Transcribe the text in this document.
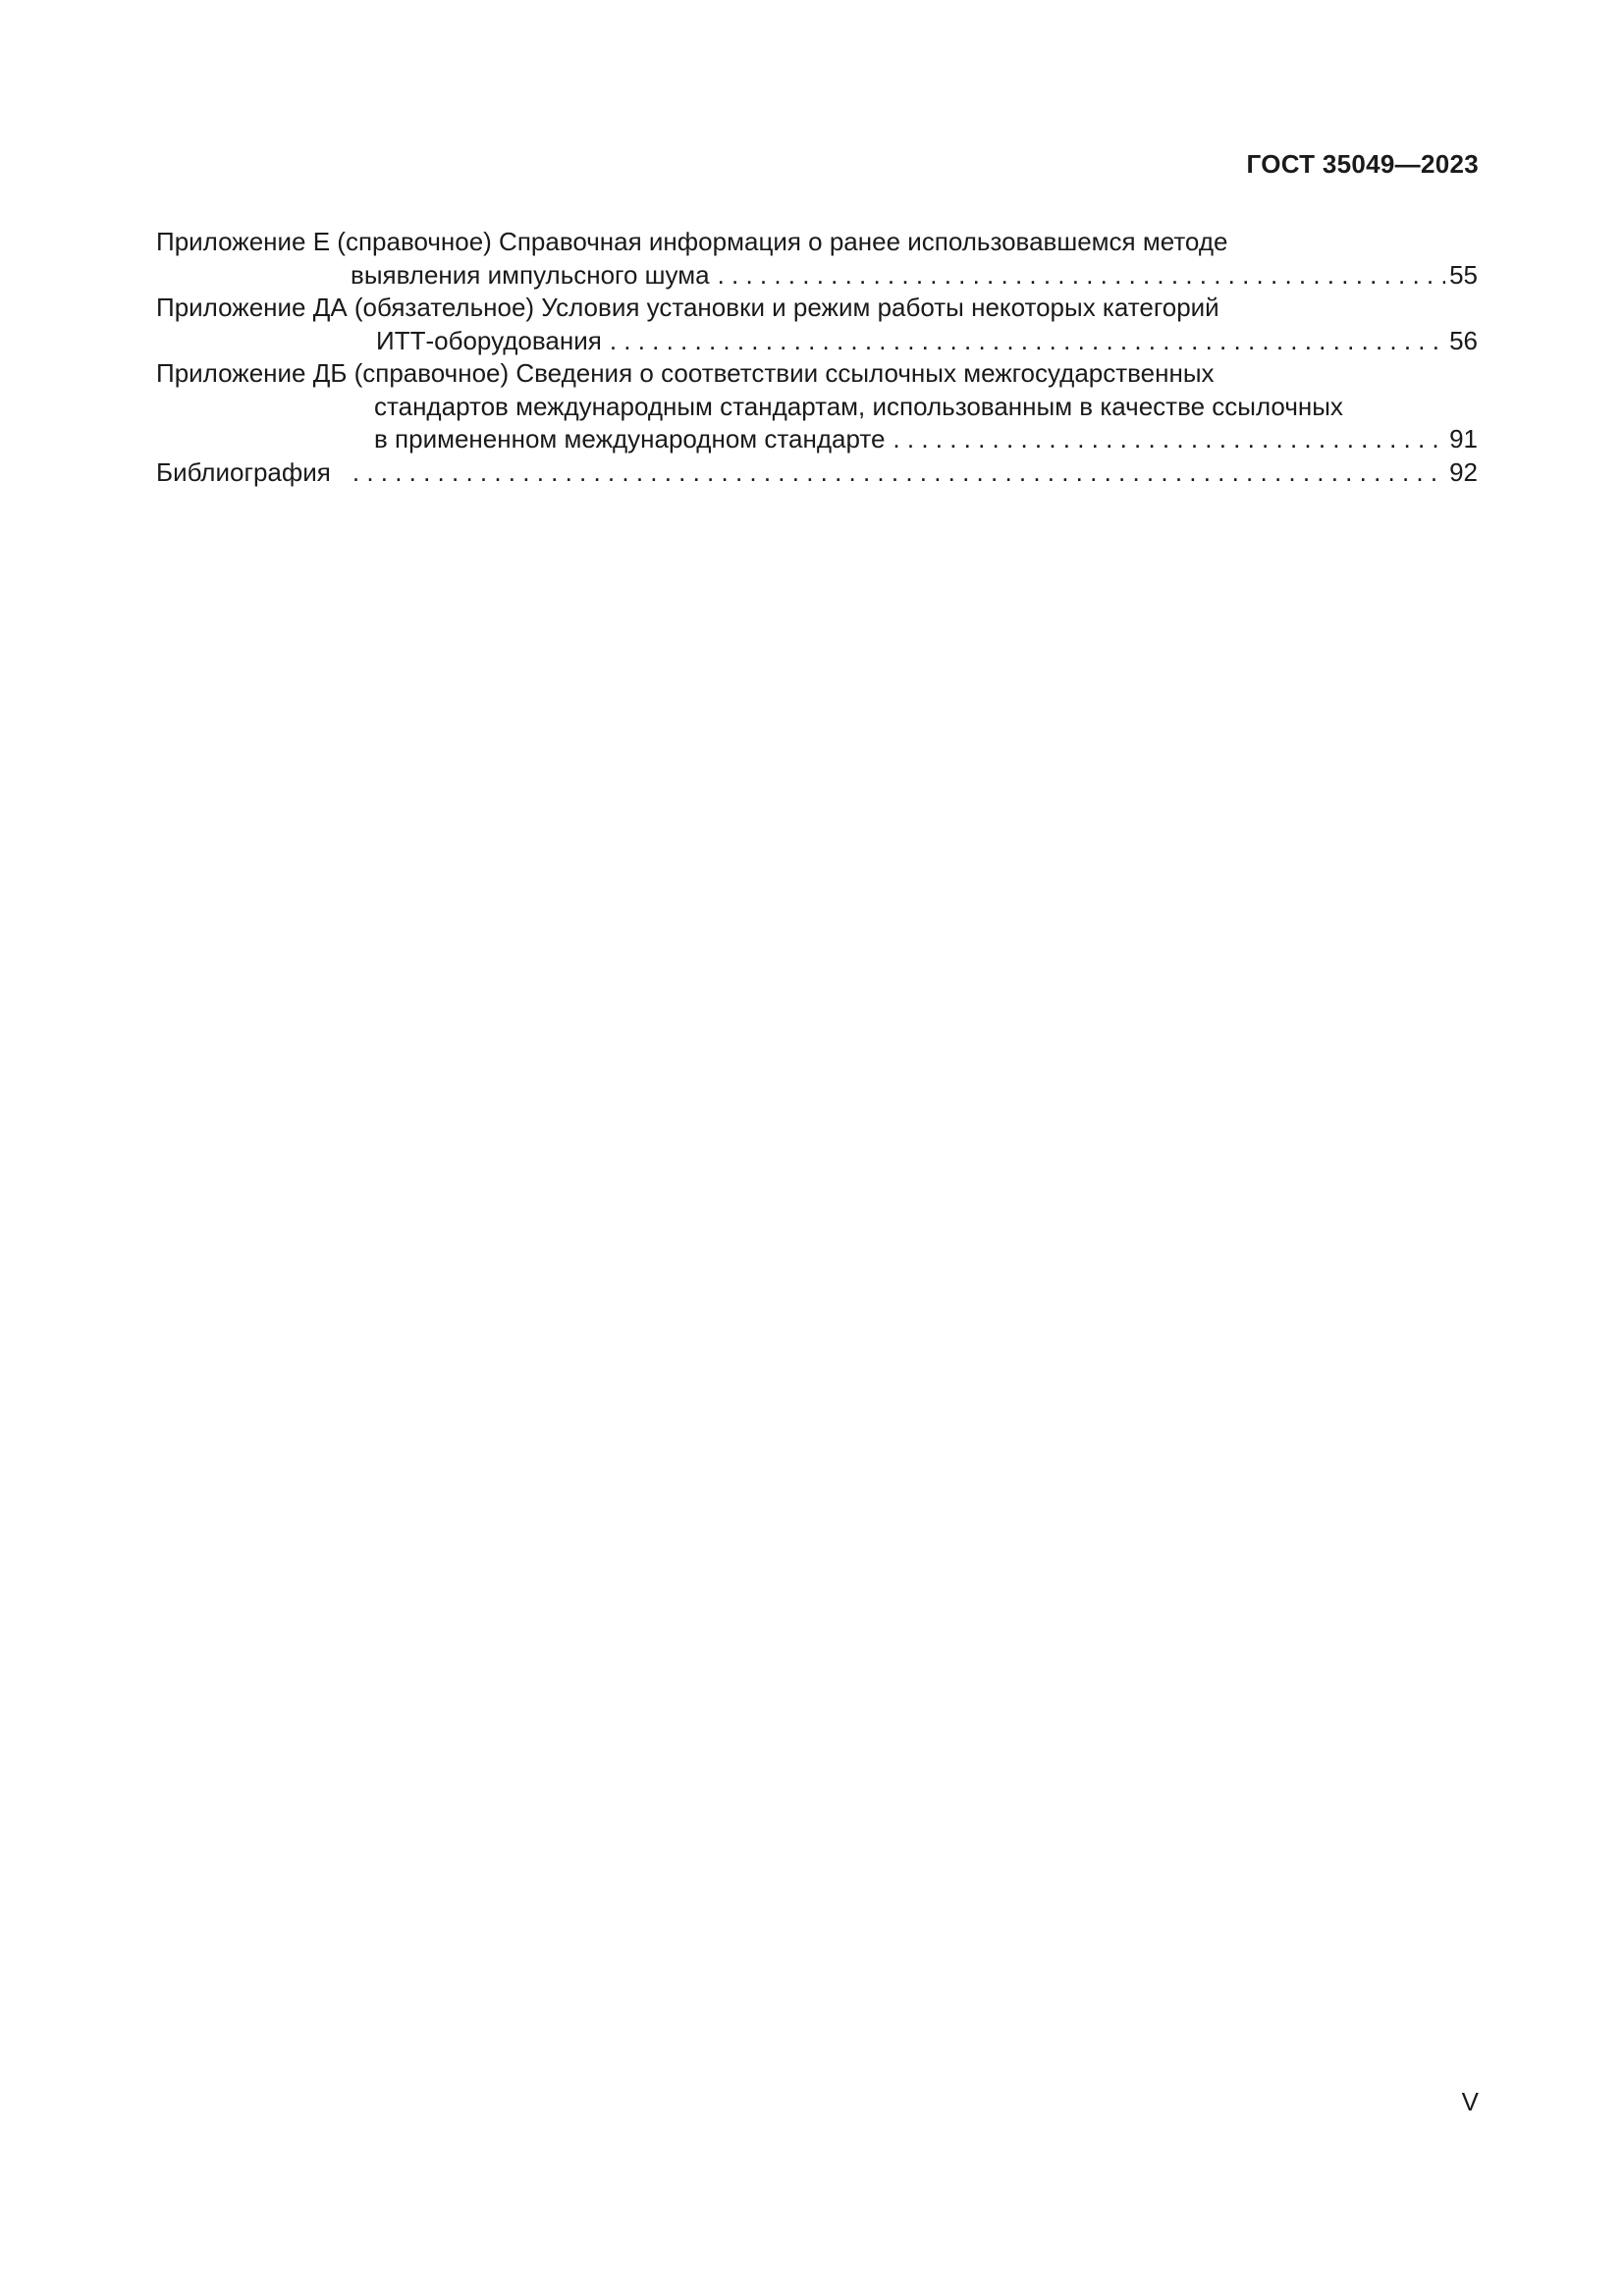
ГОСТ 35049—2023
Приложение Е (справочное) Справочная информация о ранее использовавшемся методе
выявления импульсного шума . . .	55
Приложение ДА (обязательное) Условия установки и режим работы некоторых категорий
ИТТ-оборудования . . .	56
Приложение ДБ (справочное) Сведения о соответствии ссылочных межгосударственных
стандартов международным стандартам, использованным в качестве ссылочных
в примененном международном стандарте . . .	91
Библиография . . .	92
V
